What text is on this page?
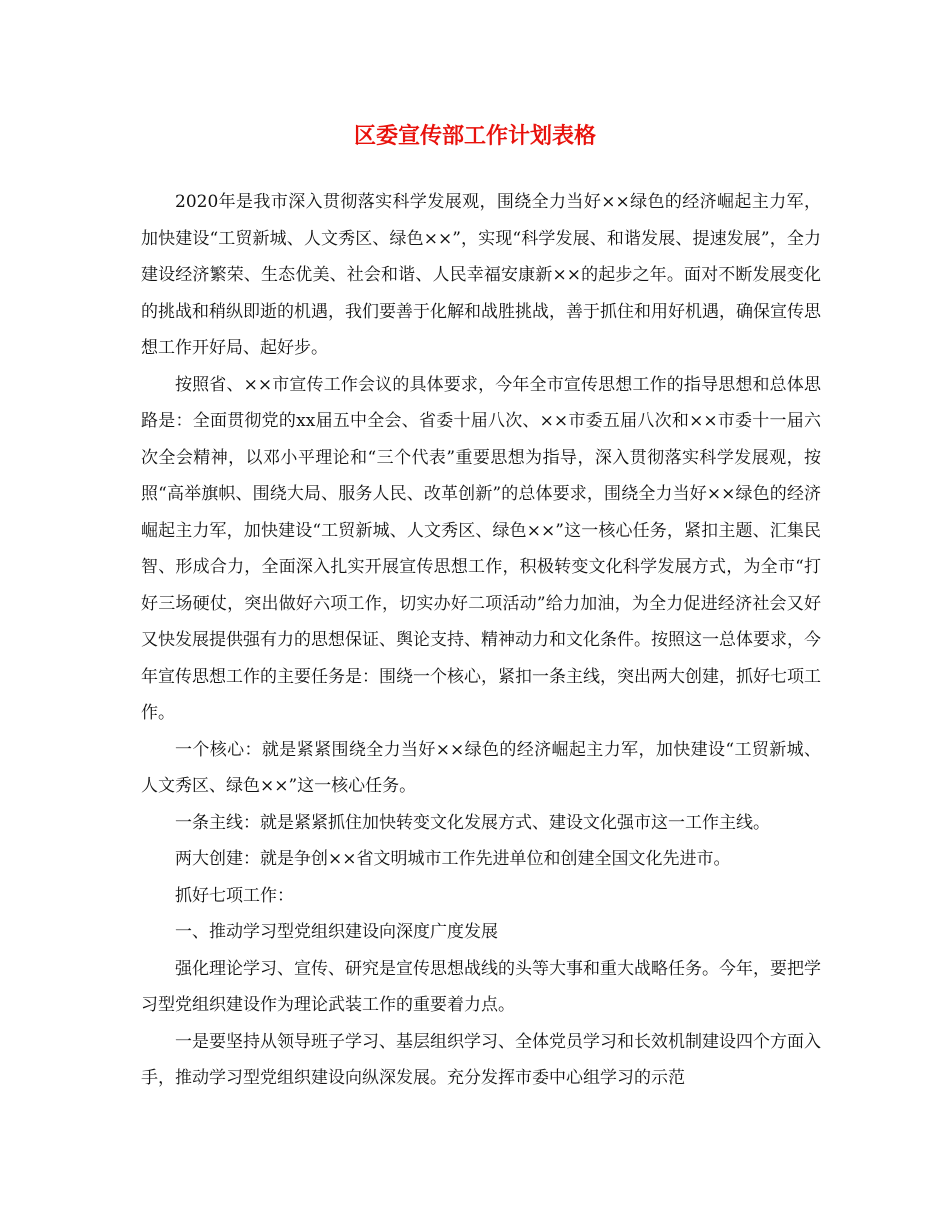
区委宣传部工作计划表格

2020年是我市深入贯彻落实科学发展观，围绕全力当好××绿色的经济崛起主力军，加快建设“工贸新城、人文秀区、绿色××”，实现“科学发展、和谐发展、提速发展”，全力建设经济繁荣、生态优美、社会和谐、人民幸福安康新××的起步之年。面对不断发展变化的挑战和稍纵即逝的机遇，我们要善于化解和战胜挑战，善于抓住和用好机遇，确保宣传思想工作开好局、起好步。

按照省、××市宣传工作会议的具体要求，今年全市宣传思想工作的指导思想和总体思路是：全面贯彻党的xx届五中全会、省委十届八次、××市委五届八次和××市委十一届六次全会精神，以邓小平理论和“三个代表”重要思想为指导，深入贯彻落实科学发展观，按照“高举旗帜、围绕大局、服务人民、改革创新”的总体要求，围绕全力当好××绿色的经济崛起主力军，加快建设“工贸新城、人文秀区、绿色××”这一核心任务，紧扣主题、汇集民智、形成合力，全面深入扎实开展宣传思想工作，积极转变文化科学发展方式，为全市“打好三场硬仗，突出做好六项工作，切实办好二项活动”给力加油，为全力促进经济社会又好又快发展提供强有力的思想保证、舆论支持、精神动力和文化条件。按照这一总体要求，今年宣传思想工作的主要任务是：围绕一个核心，紧扣一条主线，突出两大创建，抓好七项工作。

一个核心：就是紧紧围绕全力当好××绿色的经济崛起主力军，加快建设“工贸新城、人文秀区、绿色××”这一核心任务。

一条主线：就是紧紧抓住加快转变文化发展方式、建设文化强市这一工作主线。

两大创建：就是争创××省文明城市工作先进单位和创建全国文化先进市。

抓好七项工作：

一、推动学习型党组织建设向深度广度发展

强化理论学习、宣传、研究是宣传思想战线的头等大事和重大战略任务。今年，要把学习型党组织建设作为理论武装工作的重要着力点。

一是要坚持从领导班子学习、基层组织学习、全体党员学习和长效机制建设四个方面入手，推动学习型党组织建设向纵深发展。充分发挥市委中心组学习的示范
